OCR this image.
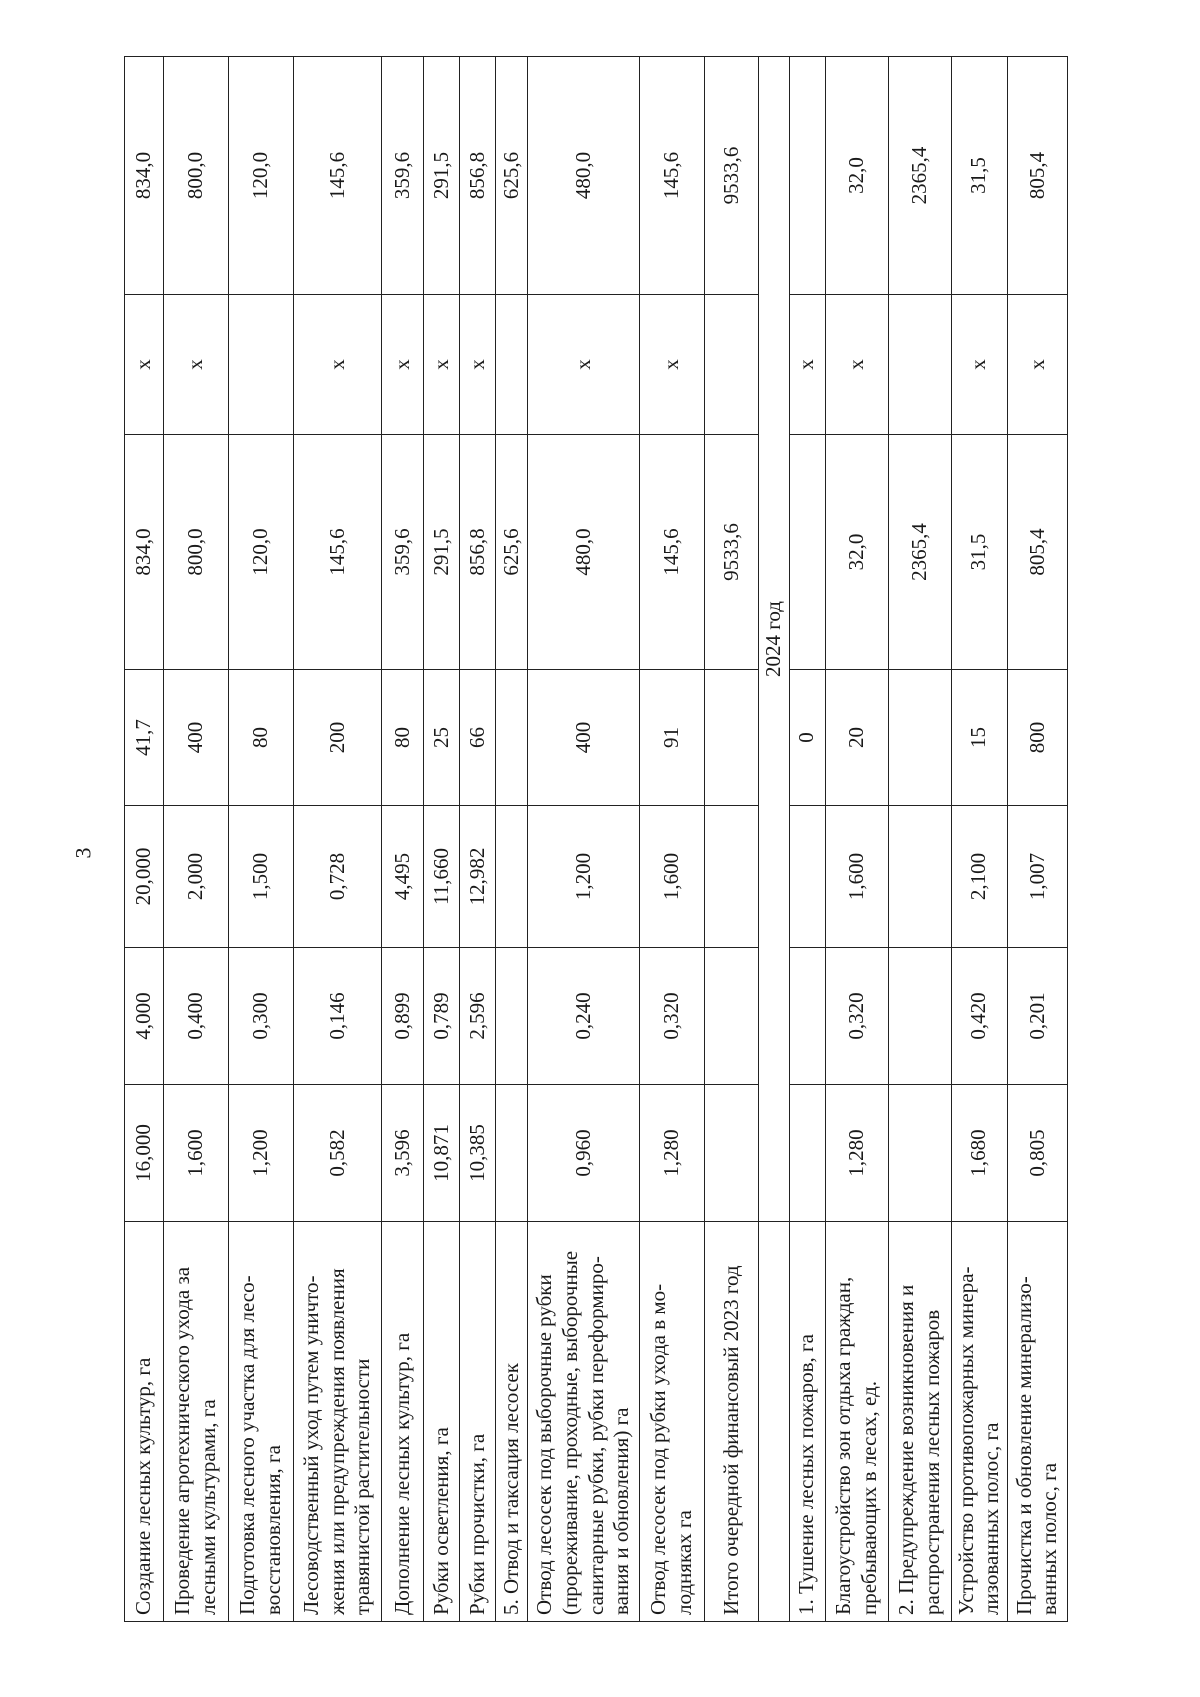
3
Создание лесных культур, га	16,000	4,000	20,000	41,7	834,0	х	834,0
Проведение агротехнического ухода за лесными культурами, га	1,600	0,400	2,000	400	800,0	х	800,0
Подготовка лесного участка для лесо-восстановления, га	1,200	0,300	1,500	80	120,0		120,0
Лесоводственный уход путем уничто-жения или предупреждения появления травянистой растительности	0,582	0,146	0,728	200	145,6	х	145,6
Дополнение лесных культур, га	3,596	0,899	4,495	80	359,6	х	359,6
Рубки осветления, га	10,871	0,789	11,660	25	291,5	х	291,5
Рубки прочистки, га	10,385	2,596	12,982	66	856,8	х	856,8
5. Отвод и таксация лесосек					625,6		625,6
Отвод лесосек под выборочные рубки (прореживание, проходные, выборочные санитарные рубки, рубки переформиро-вания и обновления) га	0,960	0,240	1,200	400	480,0	х	480,0
Отвод лесосек под рубки ухода в мо-лодняках га	1,280	0,320	1,600	91	145,6	х	145,6
Итого очередной финансовый 2023 год					9533,6		9533,6
	2024 год						
1. Тушение лесных пожаров, га				0		х	
Благоустройство зон отдыха граждан, пребывающих в лесах, ед.	1,280	0,320	1,600	20	32,0	х	32,0
2. Предупреждение возникновения и распространения лесных пожаров					2365,4		2365,4
Устройство противопожарных минера-лизованных полос, га	1,680	0,420	2,100	15	31,5	х	31,5
Прочистка и обновление минерализо-ванных полос, га	0,805	0,201	1,007	800	805,4	х	805,4
